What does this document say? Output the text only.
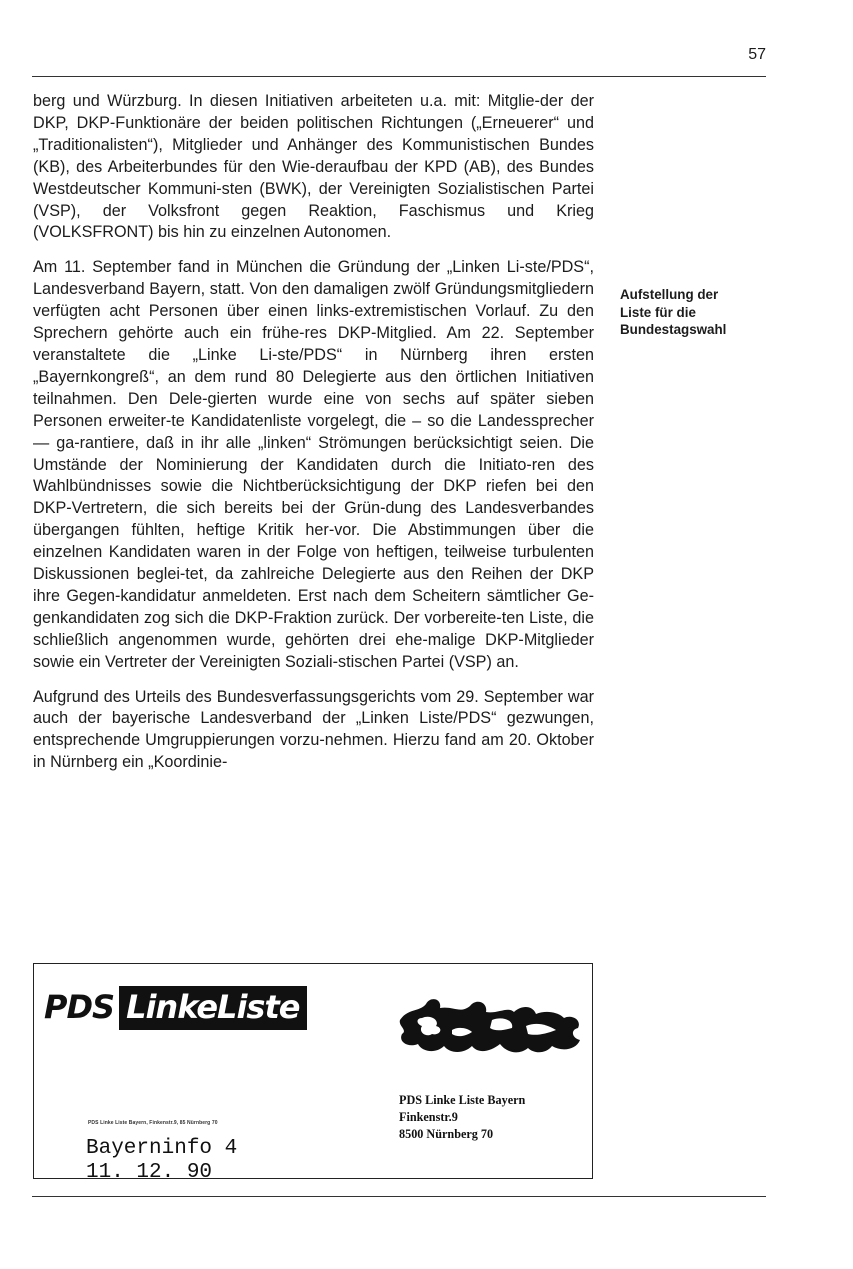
57

berg und Würzburg. In diesen Initiativen arbeiteten u.a. mit: Mitglie-der der DKP, DKP-Funktionäre der beiden politischen Richtungen („Erneuerer“ und „Traditionalisten“), Mitglieder und Anhänger des Kommunistischen Bundes (KB), des Arbeiterbundes für den Wie-deraufbau der KPD (AB), des Bundes Westdeutscher Kommuni-sten (BWK), der Vereinigten Sozialistischen Partei (VSP), der Volksfront gegen Reaktion, Faschismus und Krieg (VOLKSFRONT) bis hin zu einzelnen Autonomen.

Am 11. September fand in München die Gründung der „Linken Li-ste/PDS“, Landesverband Bayern, statt. Von den damaligen zwölf Gründungsmitgliedern verfügten acht Personen über einen links-extremistischen Vorlauf. Zu den Sprechern gehörte auch ein frühe-res DKP-Mitglied. Am 22. September veranstaltete die „Linke Li-ste/PDS“ in Nürnberg ihren ersten „Bayernkongreß“, an dem rund 80 Delegierte aus den örtlichen Initiativen teilnahmen. Den Dele-gierten wurde eine von sechs auf später sieben Personen erweiter-te Kandidatenliste vorgelegt, die – so die Landessprecher — ga-rantiere, daß in ihr alle „linken“ Strömungen berücksichtigt seien. Die Umstände der Nominierung der Kandidaten durch die Initiato-ren des Wahlbündnisses sowie die Nichtberücksichtigung der DKP riefen bei den DKP-Vertretern, die sich bereits bei der Grün-dung des Landesverbandes übergangen fühlten, heftige Kritik her-vor. Die Abstimmungen über die einzelnen Kandidaten waren in der Folge von heftigen, teilweise turbulenten Diskussionen beglei-tet, da zahlreiche Delegierte aus den Reihen der DKP ihre Gegen-kandidatur anmeldeten. Erst nach dem Scheitern sämtlicher Ge-genkandidaten zog sich die DKP-Fraktion zurück. Der vorbereite-ten Liste, die schließlich angenommen wurde, gehörten drei ehe-malige DKP-Mitglieder sowie ein Vertreter der Vereinigten Soziali-stischen Partei (VSP) an.

Aufgrund des Urteils des Bundesverfassungsgerichts vom 29. September war auch der bayerische Landesverband der „Linken Liste/PDS“ gezwungen, entsprechende Umgruppierungen vorzu-nehmen. Hierzu fand am 20. Oktober in Nürnberg ein „Koordinie-

Aufstellung der
Liste für die
Bundestagswahl
PDS LinkeListe
PDS Linke Liste Bayern, Finkenstr.9, 85 Nürnberg 70
Bayerninfo 4
11. 12. 90
PDS Linke Liste Bayern
Finkenstr.9
8500 Nürnberg 70
